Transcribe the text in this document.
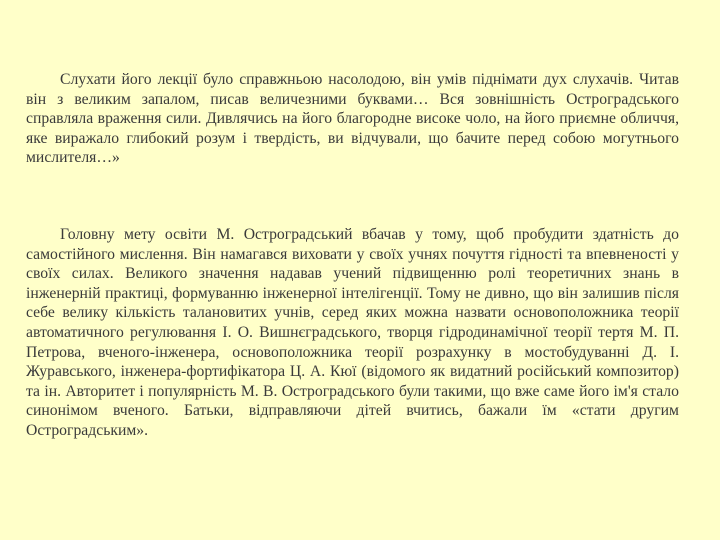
Слухати його лекції було справжньою насолодою, він умів піднімати дух слухачів. Читав він з великим запалом, писав величезними буквами… Вся зовнішність Остроградського справляла враження сили. Дивлячись на його благородне високе чоло, на його приємне обличчя, яке виражало глибокий розум і твердість, ви відчували, що бачите перед собою могутнього мислителя…»

Головну мету освіти М. Остроградський вбачав у тому, щоб пробудити здатність до самостійного мислення. Він намагався виховати у своїх учнях почуття гідності та впевненості у своїх силах. Великого значення надавав учений підвищенню ролі теоретичних знань в інженерній практиці, формуванню інженерної інтелігенції. Тому не дивно, що він залишив після себе велику кількість талановитих учнів, серед яких можна назвати основоположника теорії автоматичного регулювання І. О. Вишнєградського, творця гідродинамічної теорії тертя М. П. Петрова, вченого-інженера, основоположника теорії розрахунку в мостобудуванні Д. І. Журавського, інженера-фортифікатора Ц. А. Кюї (відомого як видатний російський композитор) та ін. Авторитет і популярність М. В. Остроградського були такими, що вже саме його ім'я стало синонімом вченого. Батьки, відправляючи дітей вчитись, бажали їм «стати другим Остроградським».
